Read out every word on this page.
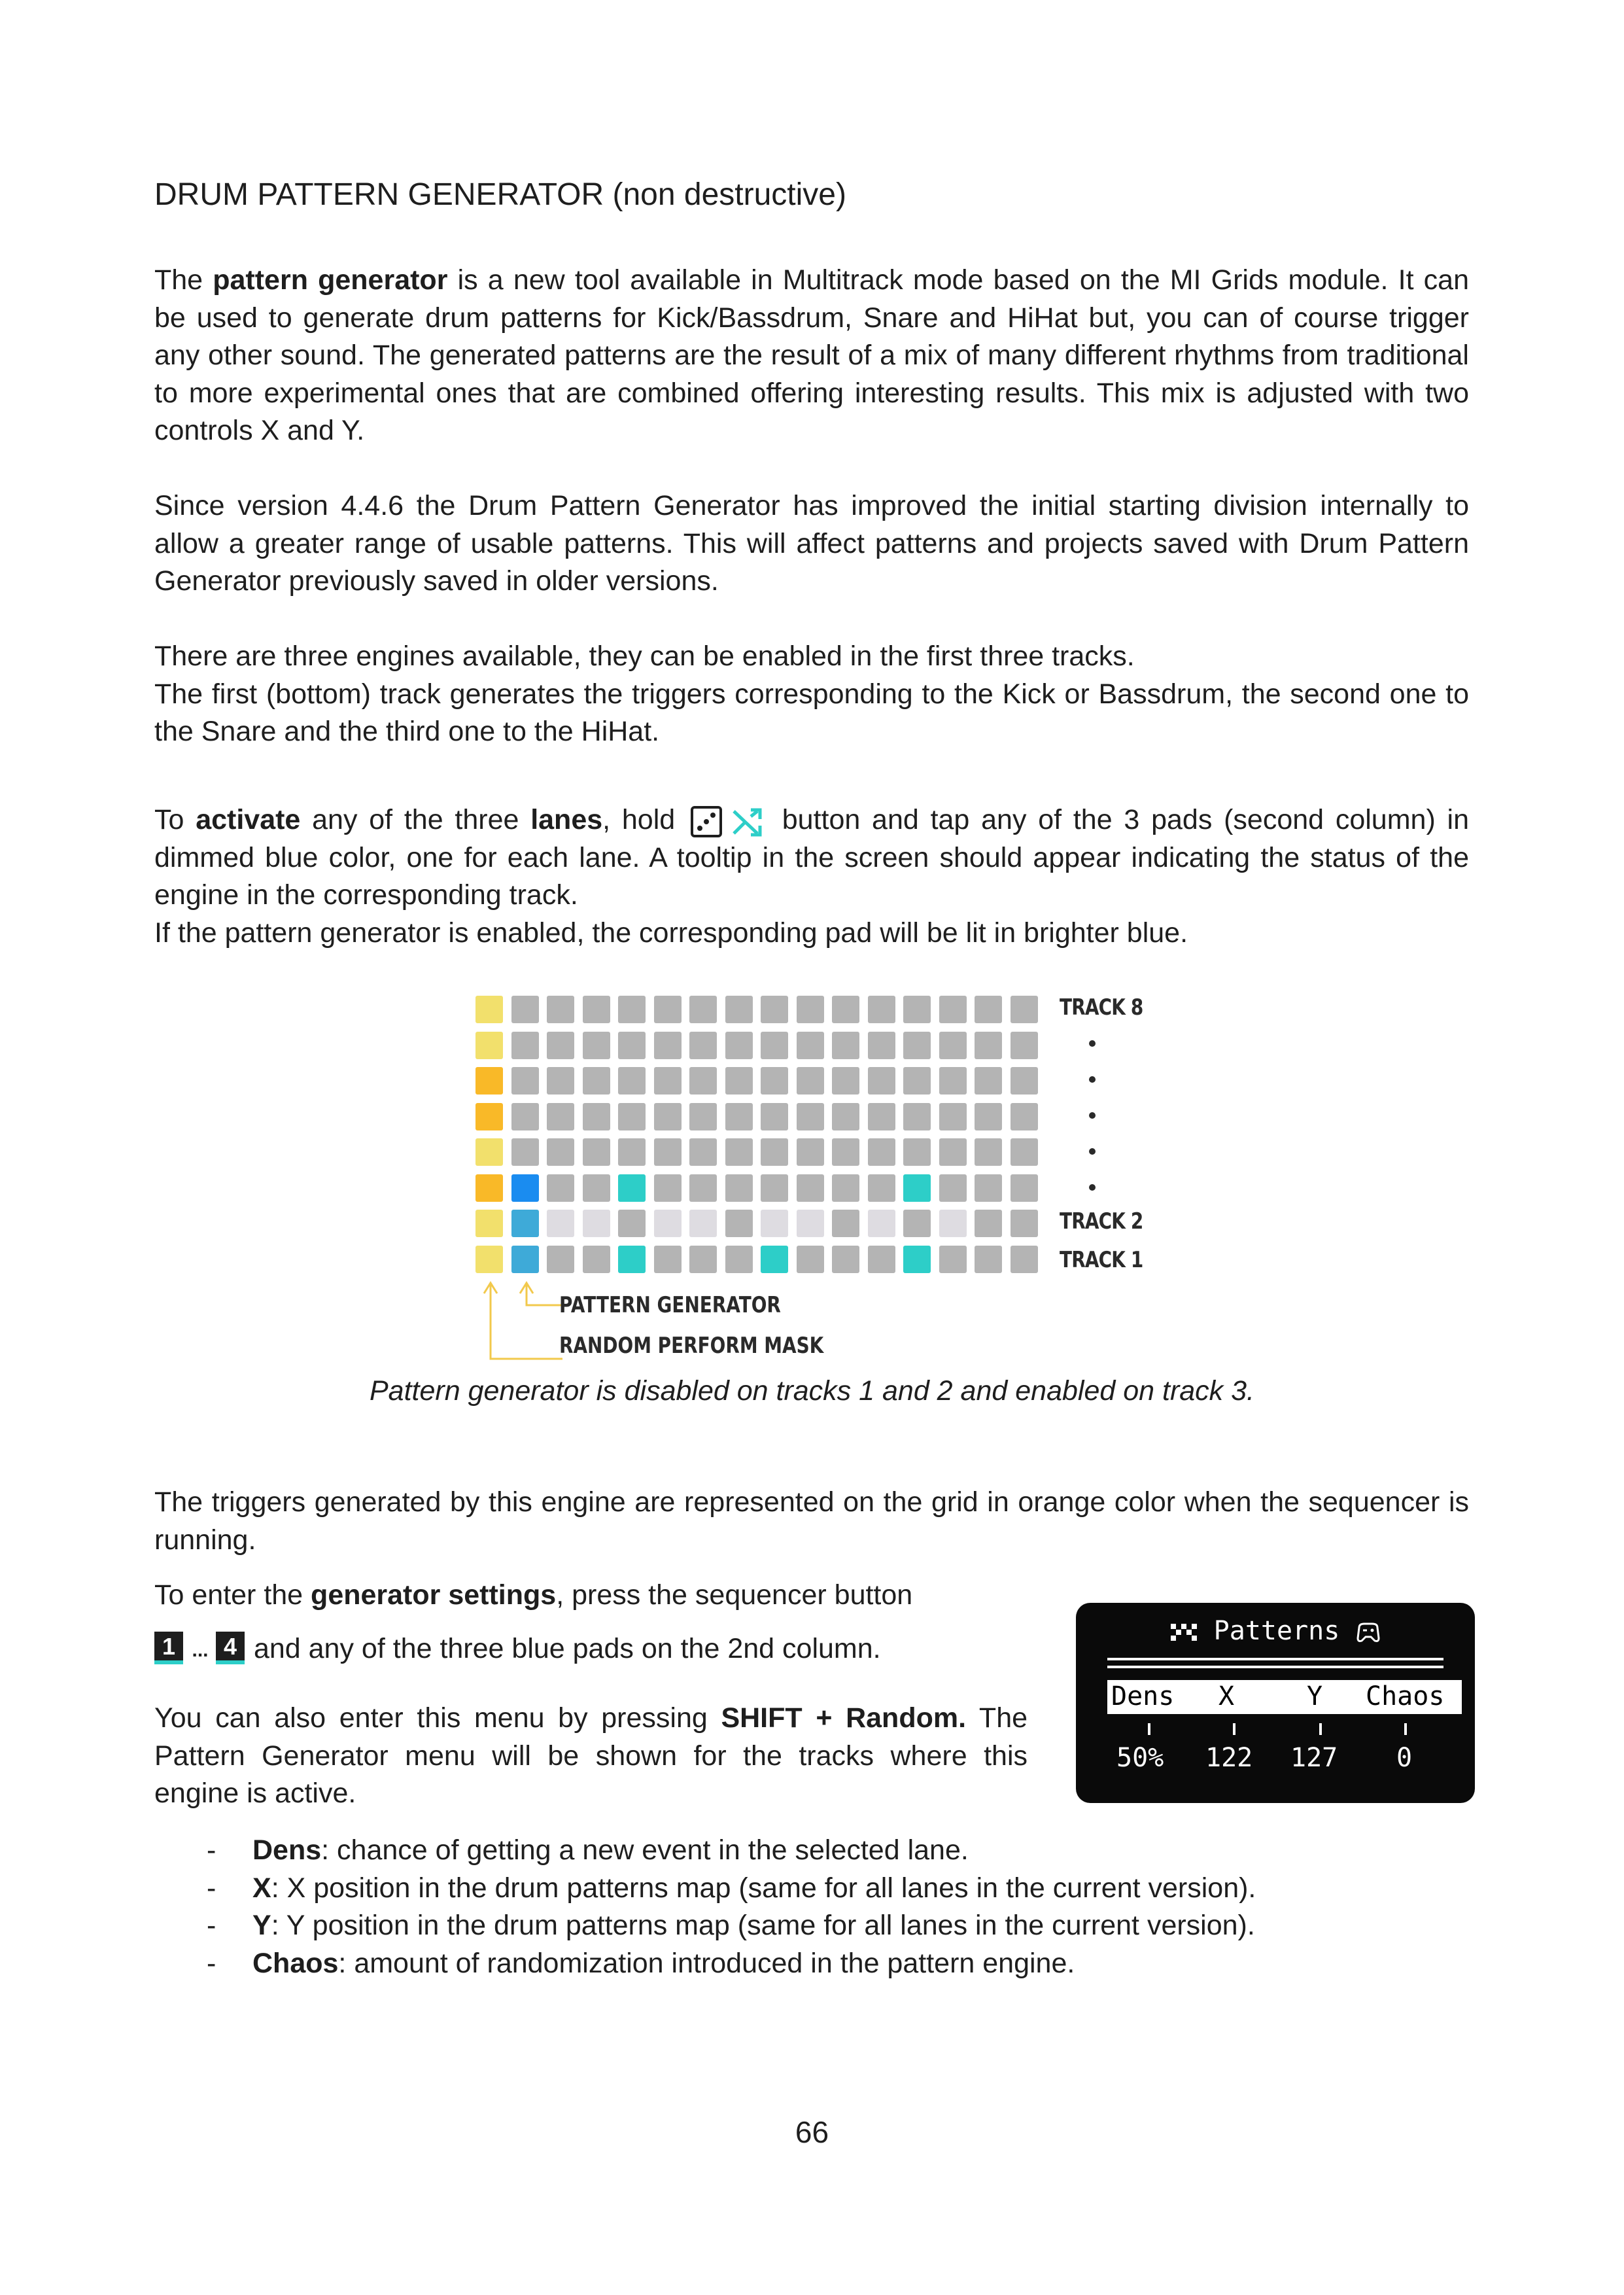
DRUM PATTERN GENERATOR (non destructive)

The pattern generator is a new tool available in Multitrack mode based on the MI Grids module. It can be used to generate drum patterns for Kick/Bassdrum, Snare and HiHat but, you can of course trigger any other sound. The generated patterns are the result of a mix of many different rhythms from traditional to more experimental ones that are combined offering interesting results. This mix is adjusted with two controls X and Y.

Since version 4.4.6 the Drum Pattern Generator has improved the initial starting division internally to allow a greater range of usable patterns. This will affect patterns and projects saved with Drum Pattern Generator previously saved in older versions.

There are three engines available, they can be enabled in the first three tracks.
The first (bottom) track generates the triggers corresponding to the Kick or Bassdrum, the second one to the Snare and the third one to the HiHat.

To activate any of the three lanes, hold	button and tap any of the 3 pads (second column) in dimmed blue color, one for each lane. A tooltip in the screen should appear indicating the status of the engine in the corresponding track.
If the pattern generator is enabled, the corresponding pad will be lit in brighter blue.

TRACK 8
TRACK 2
TRACK 1
PATTERN GENERATOR
RANDOM PERFORM MASK

Pattern generator is disabled on tracks 1 and 2 and enabled on track 3.

The triggers generated by this engine are represented on the grid in orange color when the sequencer is running.

To enter the generator settings, press the sequencer button

1 ... 4 and any of the three blue pads on the 2nd column.

You can also enter this menu by pressing SHIFT + Random. The Pattern Generator menu will be shown for the tracks where this engine is active.

Patterns
Dens X	Y Chaos
50% 122 127 0
- Dens: chance of getting a new event in the selected lane.
- X: X position in the drum patterns map (same for all lanes in the current version).
- Y: Y position in the drum patterns map (same for all lanes in the current version).
- Chaos: amount of randomization introduced in the pattern engine.

66
